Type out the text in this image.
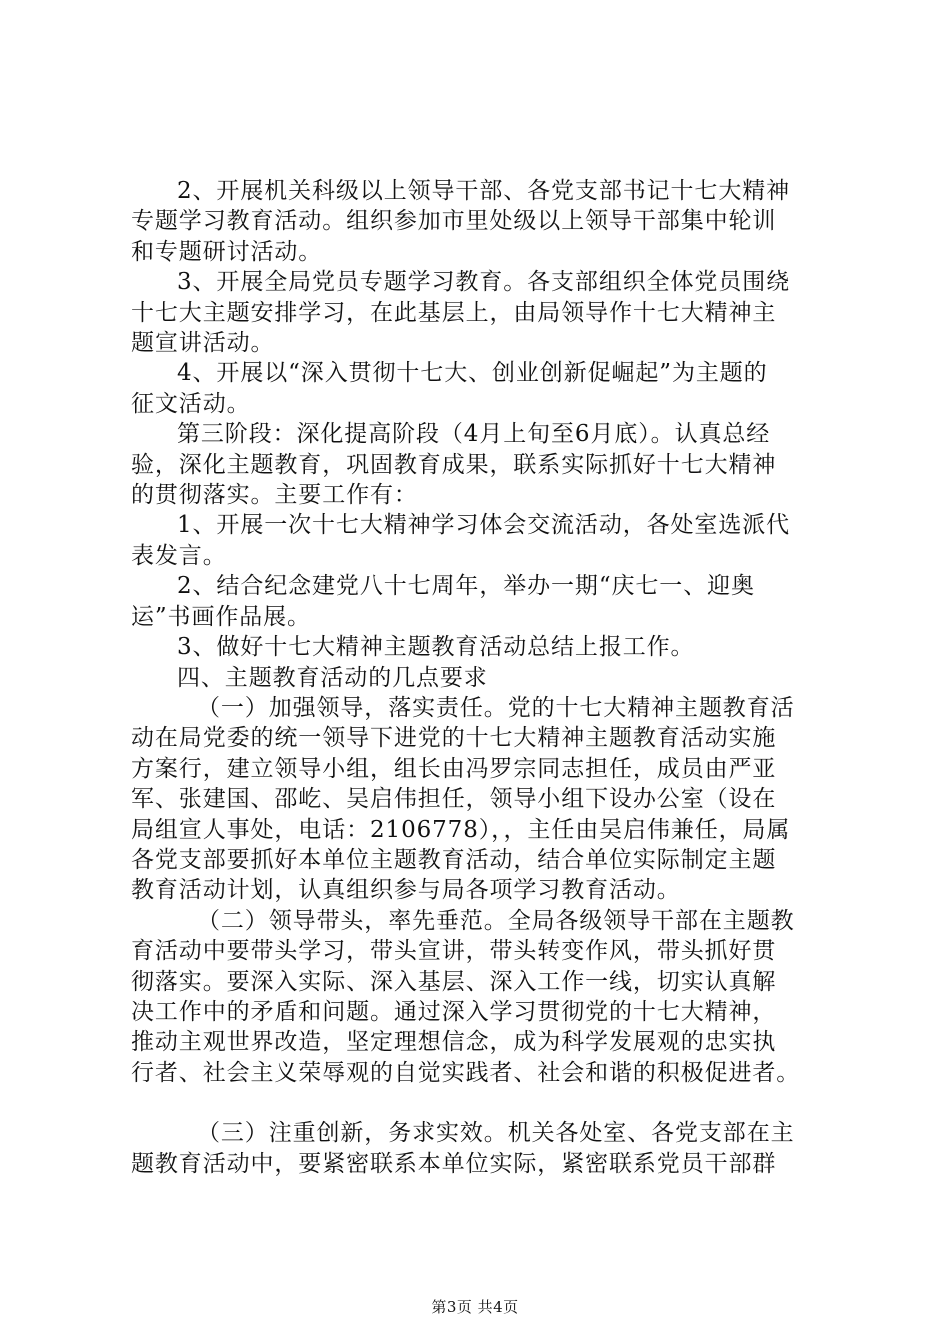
2、开展机关科级以上领导干部、各党支部书记十七大精神

专题学习教育活动。组织参加市里处级以上领导干部集中轮训

和专题研讨活动。

3、开展全局党员专题学习教育。各支部组织全体党员围绕

十七大主题安排学习，在此基层上，由局领导作十七大精神主

题宣讲活动。

4、开展以“深入贯彻十七大、创业创新促崛起”为主题的

征文活动。

第三阶段：深化提高阶段（4月上旬至6月底）。认真总经

验，深化主题教育，巩固教育成果，联系实际抓好十七大精神

的贯彻落实。主要工作有：

1、开展一次十七大精神学习体会交流活动，各处室选派代

表发言。

2、结合纪念建党八十七周年，举办一期“庆七一、迎奥

运”书画作品展。

3、做好十七大精神主题教育活动总结上报工作。

四、主题教育活动的几点要求

（一）加强领导，落实责任。党的十七大精神主题教育活

动在局党委的统一领导下进党的十七大精神主题教育活动实施

方案行，建立领导小组，组长由冯罗宗同志担任，成员由严亚

军、张建国、邵屹、吴启伟担任，领导小组下设办公室（设在

局组宣人事处，电话：2106778），，主任由吴启伟兼任，局属

各党支部要抓好本单位主题教育活动，结合单位实际制定主题

教育活动计划，认真组织参与局各项学习教育活动。

（二）领导带头，率先垂范。全局各级领导干部在主题教

育活动中要带头学习，带头宣讲，带头转变作风，带头抓好贯

彻落实。要深入实际、深入基层、深入工作一线，切实认真解

决工作中的矛盾和问题。通过深入学习贯彻党的十七大精神，

推动主观世界改造，坚定理想信念，成为科学发展观的忠实执

行者、社会主义荣辱观的自觉实践者、社会和谐的积极促进者。

（三）注重创新，务求实效。机关各处室、各党支部在主

题教育活动中，要紧密联系本单位实际，紧密联系党员干部群

第3页 共4页
